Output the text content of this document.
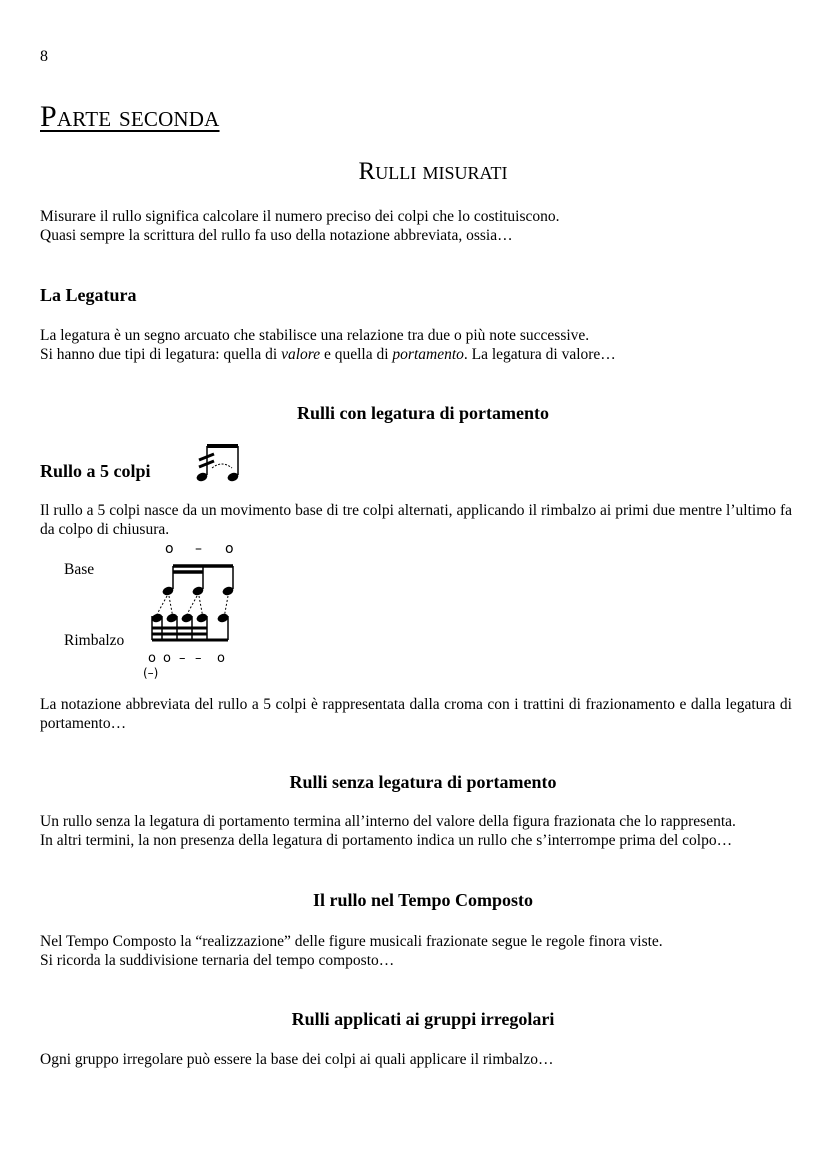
8
Parte seconda
Rulli misurati
Misurare il rullo significa calcolare il numero preciso dei colpi che lo costituiscono.
Quasi sempre la scrittura del rullo fa uso della notazione abbreviata, ossia…
La Legatura
La legatura è un segno arcuato che stabilisce una relazione tra due o più note successive.
Si hanno due tipi di legatura: quella di valore e quella di portamento. La legatura di valore…
Rulli con legatura di portamento
Rullo a 5 colpi
Il rullo a 5 colpi nasce da un movimento base di tre colpi alternati, applicando il rimbalzo ai primi due mentre l’ultimo fa da colpo di chiusura.
Base
Rimbalzo
o – o
o o – – o
(–)
La notazione abbreviata del rullo a 5 colpi è rappresentata dalla croma con i trattini di frazionamento e dalla legatura di portamento…
Rulli senza legatura di portamento
Un rullo senza la legatura di portamento termina all’interno del valore della figura frazionata che lo rappresenta.
In altri termini, la non presenza della legatura di portamento indica un rullo che s’interrompe prima del colpo…
Il rullo nel Tempo Composto
Nel Tempo Composto la “realizzazione” delle figure musicali frazionate segue le regole finora viste.
Si ricorda la suddivisione ternaria del tempo composto…
Rulli applicati ai gruppi irregolari
Ogni gruppo irregolare può essere la base dei colpi ai quali applicare il rimbalzo…
